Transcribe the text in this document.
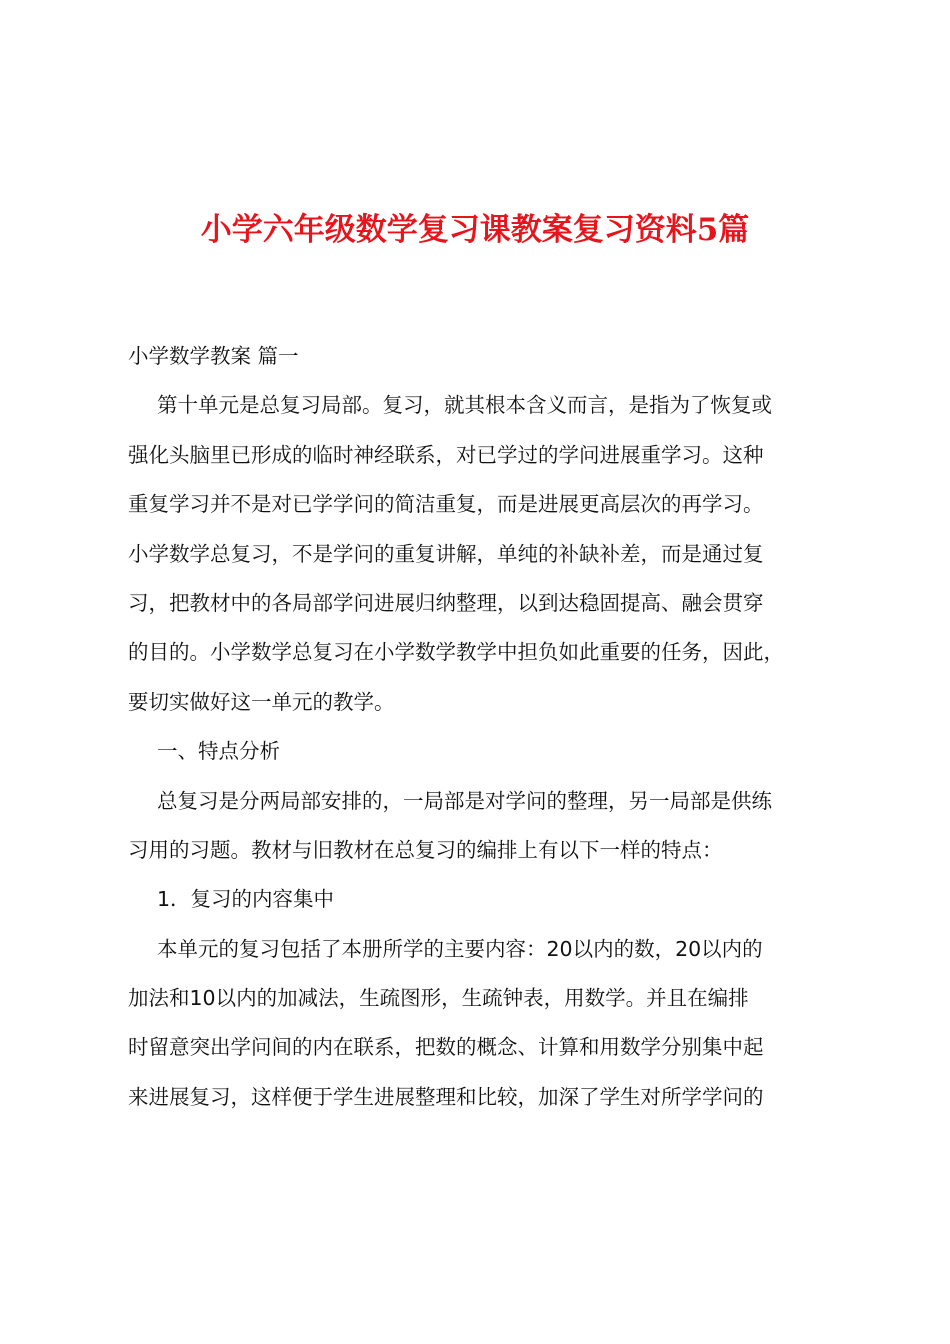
小学六年级数学复习课教案复习资料5篇
小学数学教案 篇一
第十单元是总复习局部。复习，就其根本含义而言，是指为了恢复或
强化头脑里已形成的临时神经联系，对已学过的学问进展重学习。这种
重复学习并不是对已学学问的简洁重复，而是进展更高层次的再学习。
小学数学总复习，不是学问的重复讲解，单纯的补缺补差，而是通过复
习，把教材中的各局部学问进展归纳整理，以到达稳固提高、融会贯穿
的目的。小学数学总复习在小学数学教学中担负如此重要的任务，因此，
要切实做好这一单元的教学。
一、特点分析
总复习是分两局部安排的，一局部是对学问的整理，另一局部是供练
习用的习题。教材与旧教材在总复习的编排上有以下一样的特点：
1．复习的内容集中
本单元的复习包括了本册所学的主要内容：20以内的数，20以内的
加法和10以内的加减法，生疏图形，生疏钟表，用数学。并且在编排
时留意突出学问间的内在联系，把数的概念、计算和用数学分别集中起
来进展复习，这样便于学生进展整理和比较，加深了学生对所学学问的
